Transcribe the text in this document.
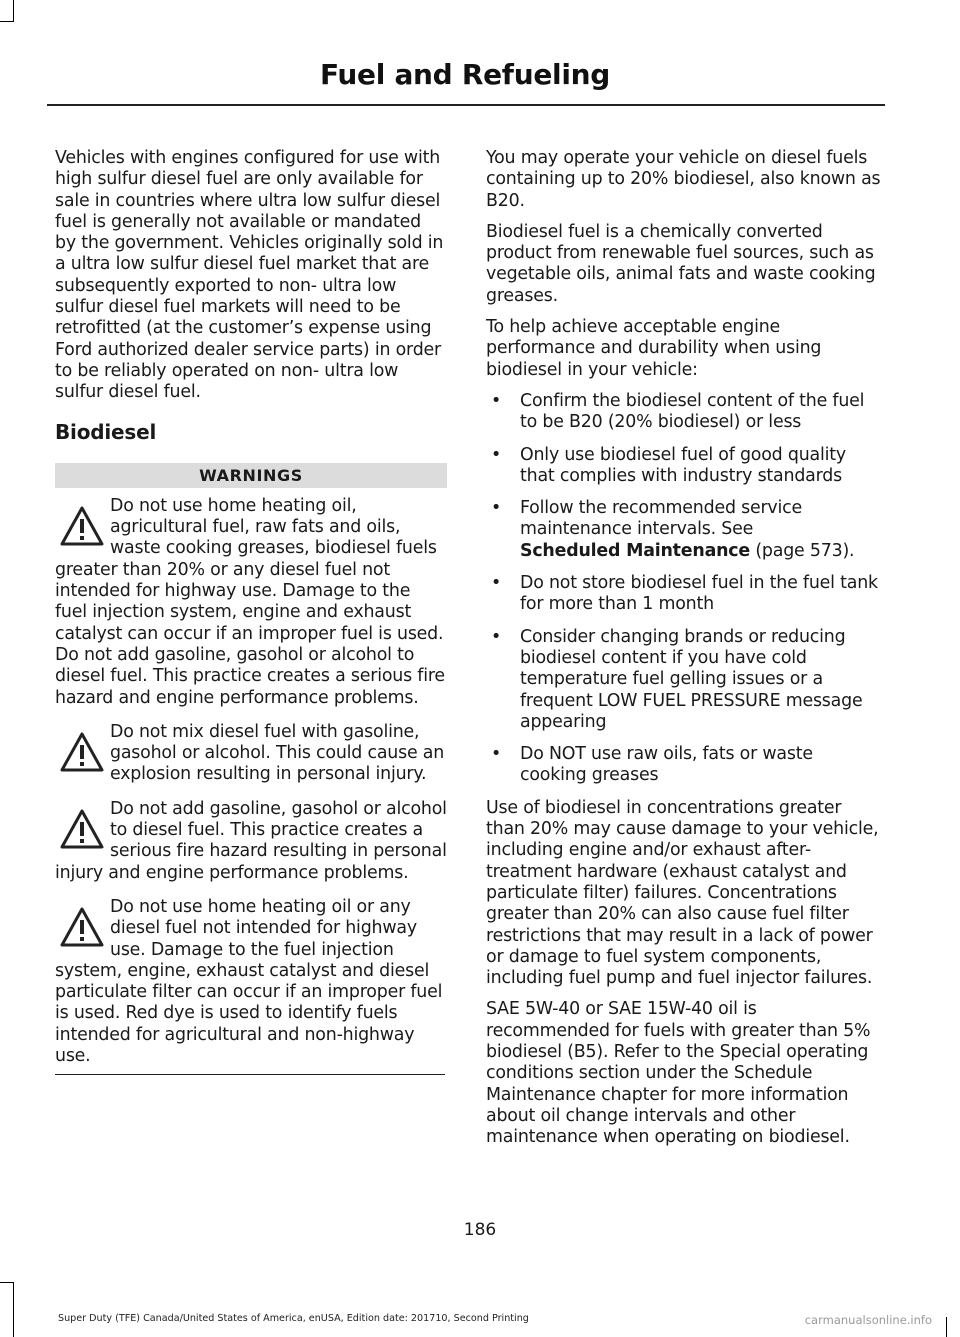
Fuel and Refueling

Vehicles with engines configured for use with high sulfur diesel fuel are only available for sale in countries where ultra low sulfur diesel fuel is generally not available or mandated by the government. Vehicles originally sold in a ultra low sulfur diesel fuel market that are subsequently exported to non- ultra low sulfur diesel fuel markets will need to be retrofitted (at the customer’s expense using Ford authorized dealer service parts) in order to be reliably operated on non- ultra low sulfur diesel fuel.

Biodiesel
WARNINGS
Do not use home heating oil, agricultural fuel, raw fats and oils, waste cooking greases, biodiesel fuels greater than 20% or any diesel fuel not intended for highway use. Damage to the fuel injection system, engine and exhaust catalyst can occur if an improper fuel is used. Do not add gasoline, gasohol or alcohol to diesel fuel. This practice creates a serious fire hazard and engine performance problems.
Do not mix diesel fuel with gasoline, gasohol or alcohol. This could cause an explosion resulting in personal injury.
Do not add gasoline, gasohol or alcohol to diesel fuel. This practice creates a serious fire hazard resulting in personal injury and engine performance problems.
Do not use home heating oil or any diesel fuel not intended for highway use. Damage to the fuel injection system, engine, exhaust catalyst and diesel particulate filter can occur if an improper fuel is used. Red dye is used to identify fuels intended for agricultural and non-highway use.

You may operate your vehicle on diesel fuels containing up to 20% biodiesel, also known as B20.

Biodiesel fuel is a chemically converted product from renewable fuel sources, such as vegetable oils, animal fats and waste cooking greases.

To help achieve acceptable engine performance and durability when using biodiesel in your vehicle:

• Confirm the biodiesel content of the fuel to be B20 (20% biodiesel) or less
• Only use biodiesel fuel of good quality that complies with industry standards
• Follow the recommended service maintenance intervals. See
Scheduled Maintenance (page 573).
• Do not store biodiesel fuel in the fuel tank for more than 1 month
• Consider changing brands or reducing biodiesel content if you have cold temperature fuel gelling issues or a frequent LOW FUEL PRESSURE message appearing
• Do NOT use raw oils, fats or waste cooking greases

Use of biodiesel in concentrations greater than 20% may cause damage to your vehicle, including engine and/or exhaust after-treatment hardware (exhaust catalyst and particulate filter) failures. Concentrations greater than 20% can also cause fuel filter restrictions that may result in a lack of power or damage to fuel system components, including fuel pump and fuel injector failures.

SAE 5W-40 or SAE 15W-40 oil is recommended for fuels with greater than 5% biodiesel (B5). Refer to the Special operating conditions section under the Schedule Maintenance chapter for more information about oil change intervals and other maintenance when operating on biodiesel.

186
Super Duty (TFE) Canada/United States of America, enUSA, Edition date: 201710, Second Printing	carmanualsonline.info
